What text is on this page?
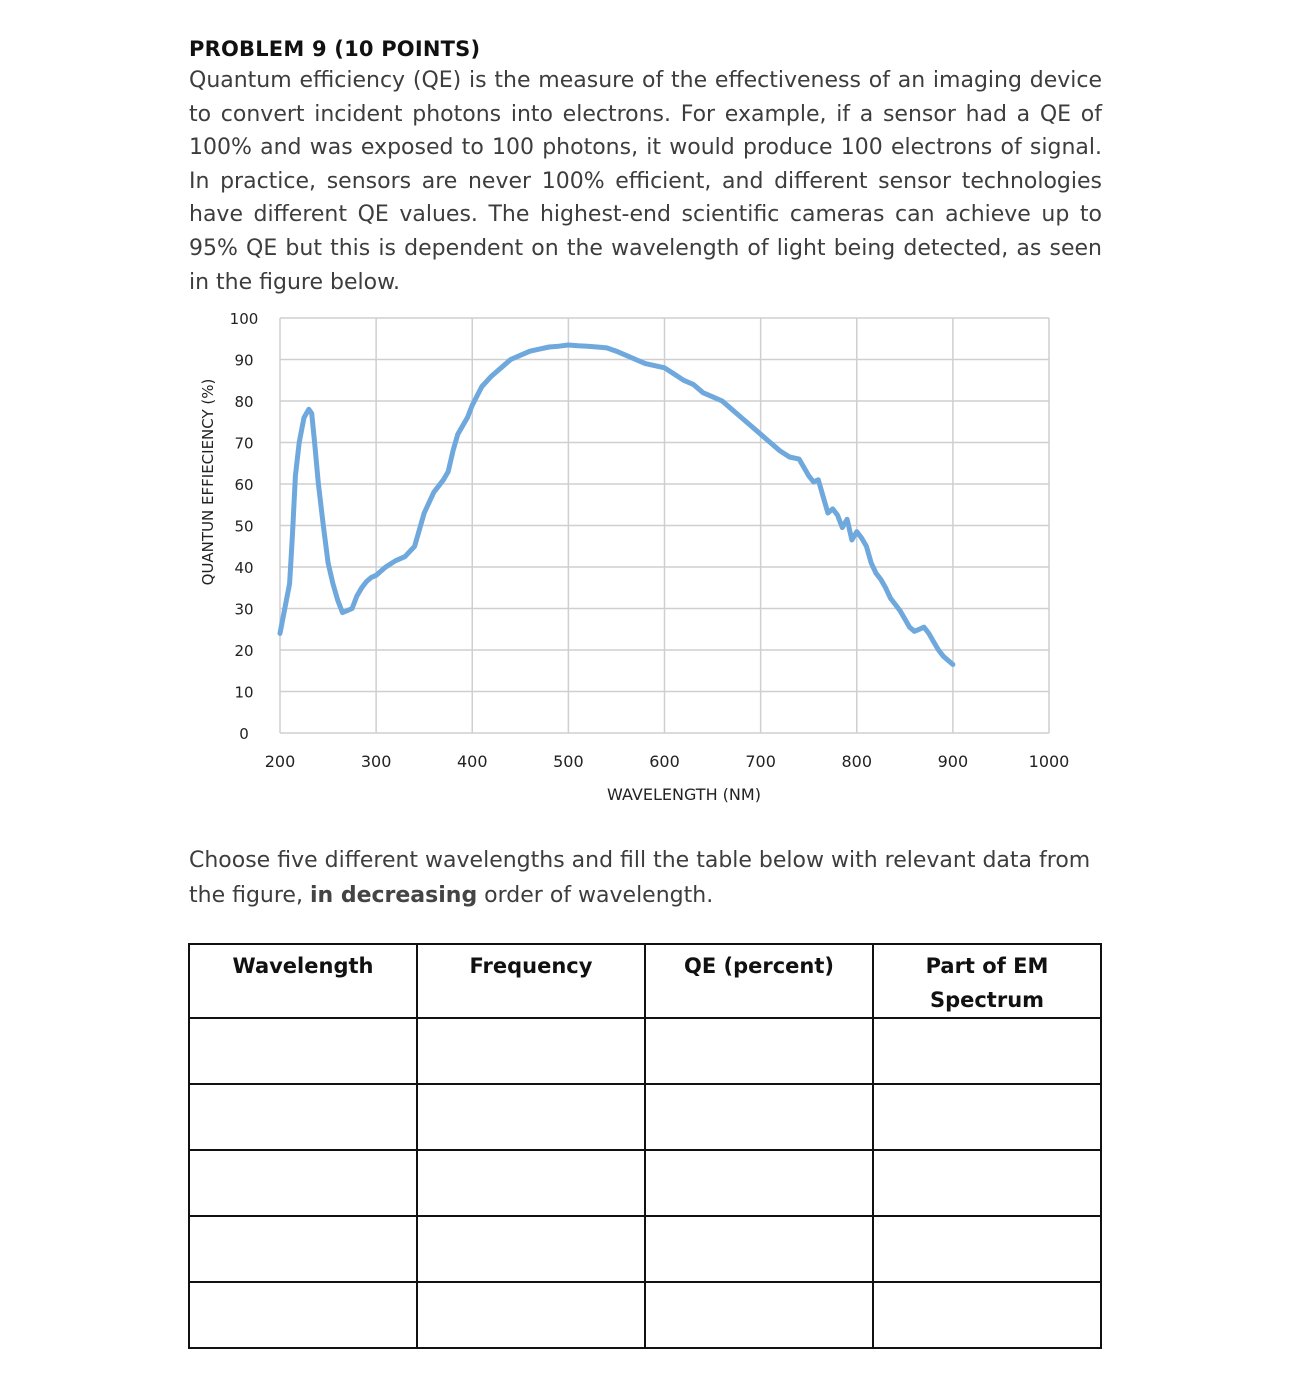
PROBLEM 9 (10 POINTS)

Quantum efficiency (QE) is the measure of the effectiveness of an imaging device to convert incident photons into electrons. For example, if a sensor had a QE of 100% and was exposed to 100 photons, it would produce 100 electrons of signal. In practice, sensors are never 100% efficient, and different sensor technologies have different QE values. The highest-end scientific cameras can achieve up to 95% QE but this is dependent on the wavelength of light being detected, as seen in the figure below.

0
10
20
30
40
50
60
70
80
90
100
200	300	400	500	600	700	800	900	1000
QUANTUN EFFIECIENCY (%)
WAVELENGTH (NM)

Choose five different wavelengths and fill the table below with relevant data from the figure, in decreasing order of wavelength.

Wavelength	Frequency	QE (percent)	Part of EM
Spectrum
